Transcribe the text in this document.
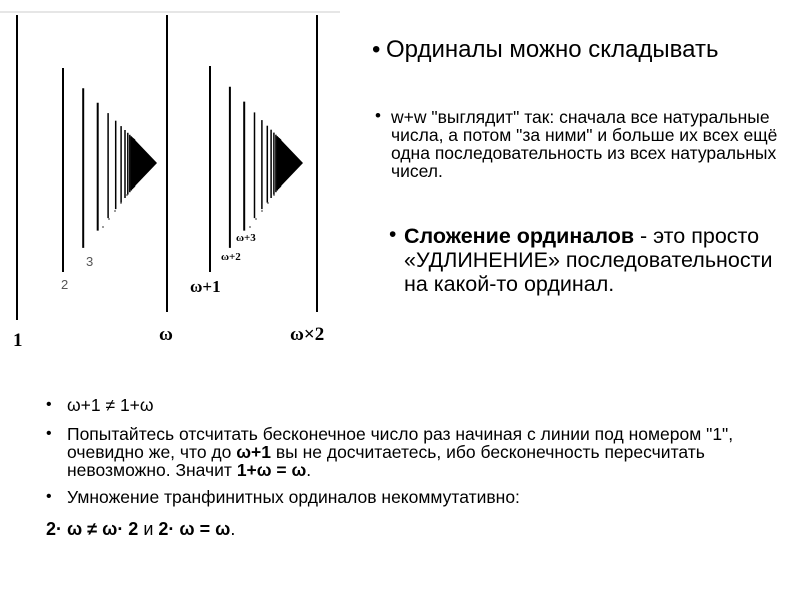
1
2
3
ω
ω+1
ω+2
ω+3
ω×2
• Ординалы можно складывать
• w+w "выглядит" так: сначала все натуральные числа, а потом "за ними" и больше их всех ещё одна последовательность из всех натуральных чисел.
• Сложение ординалов - это просто «УДЛИНЕНИЕ» последовательности на какой-то ординал.
• ω+1 ≠ 1+ω
• Попытайтесь отсчитать бесконечное число раз начиная с линии под номером "1", очевидно же, что до ω+1 вы не досчитаетесь, ибо бесконечность пересчитать невозможно. Значит 1+ω = ω.
• Умножение транфинитных ординалов некоммутативно:
2· ω ≠ ω· 2 и 2· ω = ω.
